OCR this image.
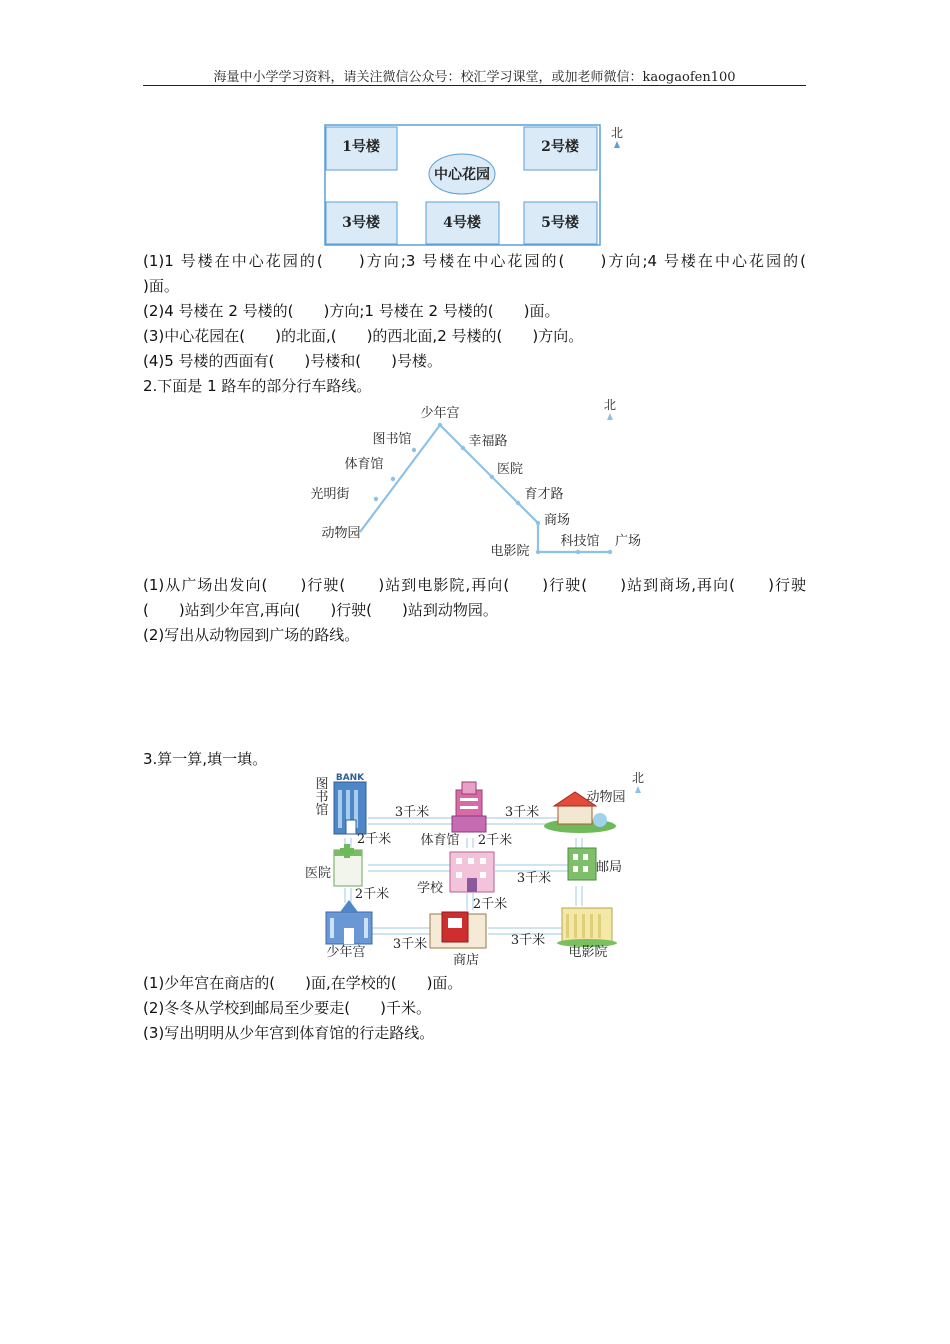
海量中小学学习资料，请关注微信公众号：校汇学习课堂，或加老师微信：kaogaofen100
1号楼	2号楼
3号楼	4号楼	5号楼
中心花园
北
(1)1 号楼在中心花园的(　　)方向;3 号楼在中心花园的(　　)方向;4 号楼在中心花园的(
)面。
(2)4 号楼在 2 号楼的(　　)方向;1 号楼在 2 号楼的(　　)面。
(3)中心花园在(　　)的北面,(　　)的西北面,2 号楼的(　　)方向。
(4)5 号楼的西面有(　　)号楼和(　　)号楼。
2.下面是 1 路车的部分行车路线。
少年宫
图书馆
体育馆
光明街
动物园
幸福路
医院
育才路
商场
电影院
科技馆 广场
北
(1)从广场出发向(　　)行驶(　　)站到电影院,再向(　　)行驶(　　)站到商场,再向(　　)行驶
(　　)站到少年宫,再向(　　)行驶(　　)站到动物园。
(2)写出从动物园到广场的路线。
3.算一算,填一填。
BANK
图书馆
体育馆
动物园
医院
学校
邮局
少年宫
商店
电影院
3千米	3千米
2千米	2千米
3千米
2千米
2千米
3千米	3千米
北
(1)少年宫在商店的(　　)面,在学校的(　　)面。
(2)冬冬从学校到邮局至少要走(　　)千米。
(3)写出明明从少年宫到体育馆的行走路线。
